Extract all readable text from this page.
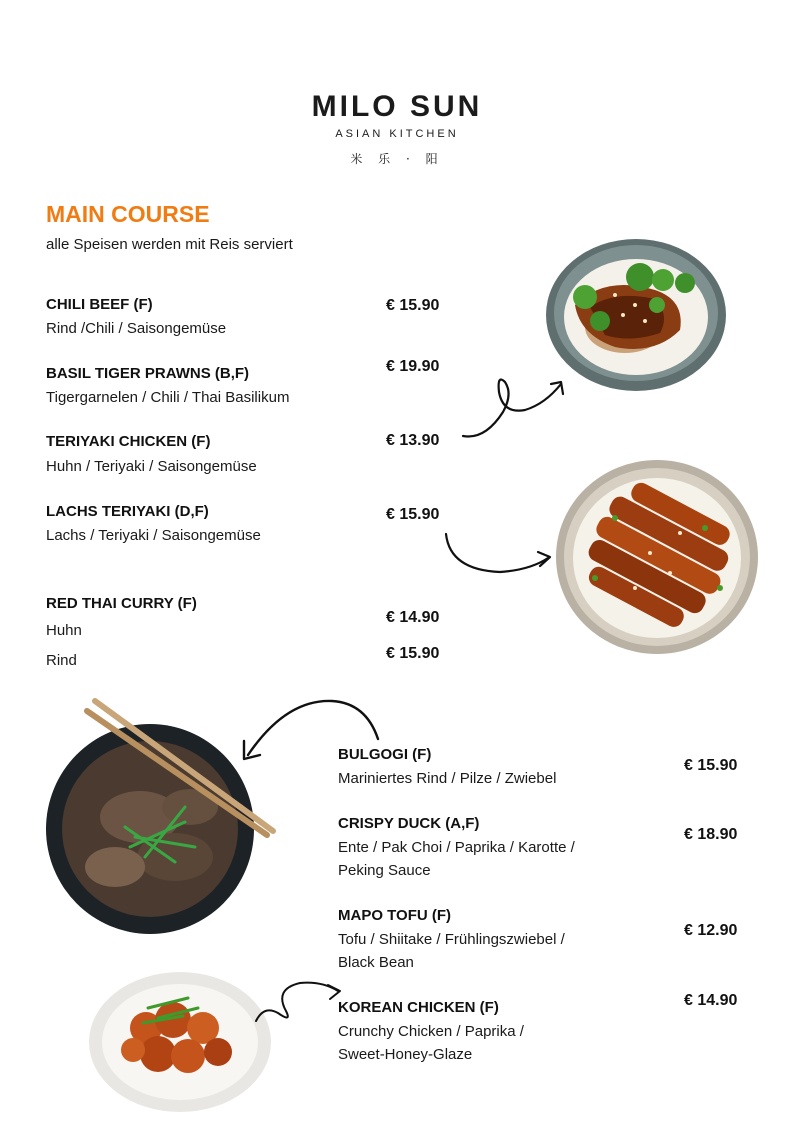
MILO SUN
ASIAN KITCHEN
米 乐 · 阳
MAIN COURSE
alle Speisen werden mit Reis serviert
CHILI BEEF (F)
Rind /Chili / Saisongemüse
€ 15.90
BASIL TIGER PRAWNS (B,F)
Tigergarnelen / Chili / Thai Basilikum
€ 19.90
TERIYAKI CHICKEN (F)
Huhn / Teriyaki / Saisongemüse
€ 13.90
LACHS TERIYAKI (D,F)
Lachs / Teriyaki / Saisongemüse
€ 15.90
RED THAI CURRY (F)
Huhn
€ 14.90
Rind	€ 15.90
BULGOGI (F)
Mariniertes Rind / Pilze / Zwiebel
€ 15.90
CRISPY DUCK (A,F)
Ente / Pak Choi / Paprika / Karotte /
Peking Sauce
€ 18.90
MAPO TOFU (F)
Tofu / Shiitake / Frühlingszwiebel /
Black Bean
€ 12.90
KOREAN CHICKEN (F)
Crunchy Chicken / Paprika /
Sweet-Honey-Glaze
€ 14.90
